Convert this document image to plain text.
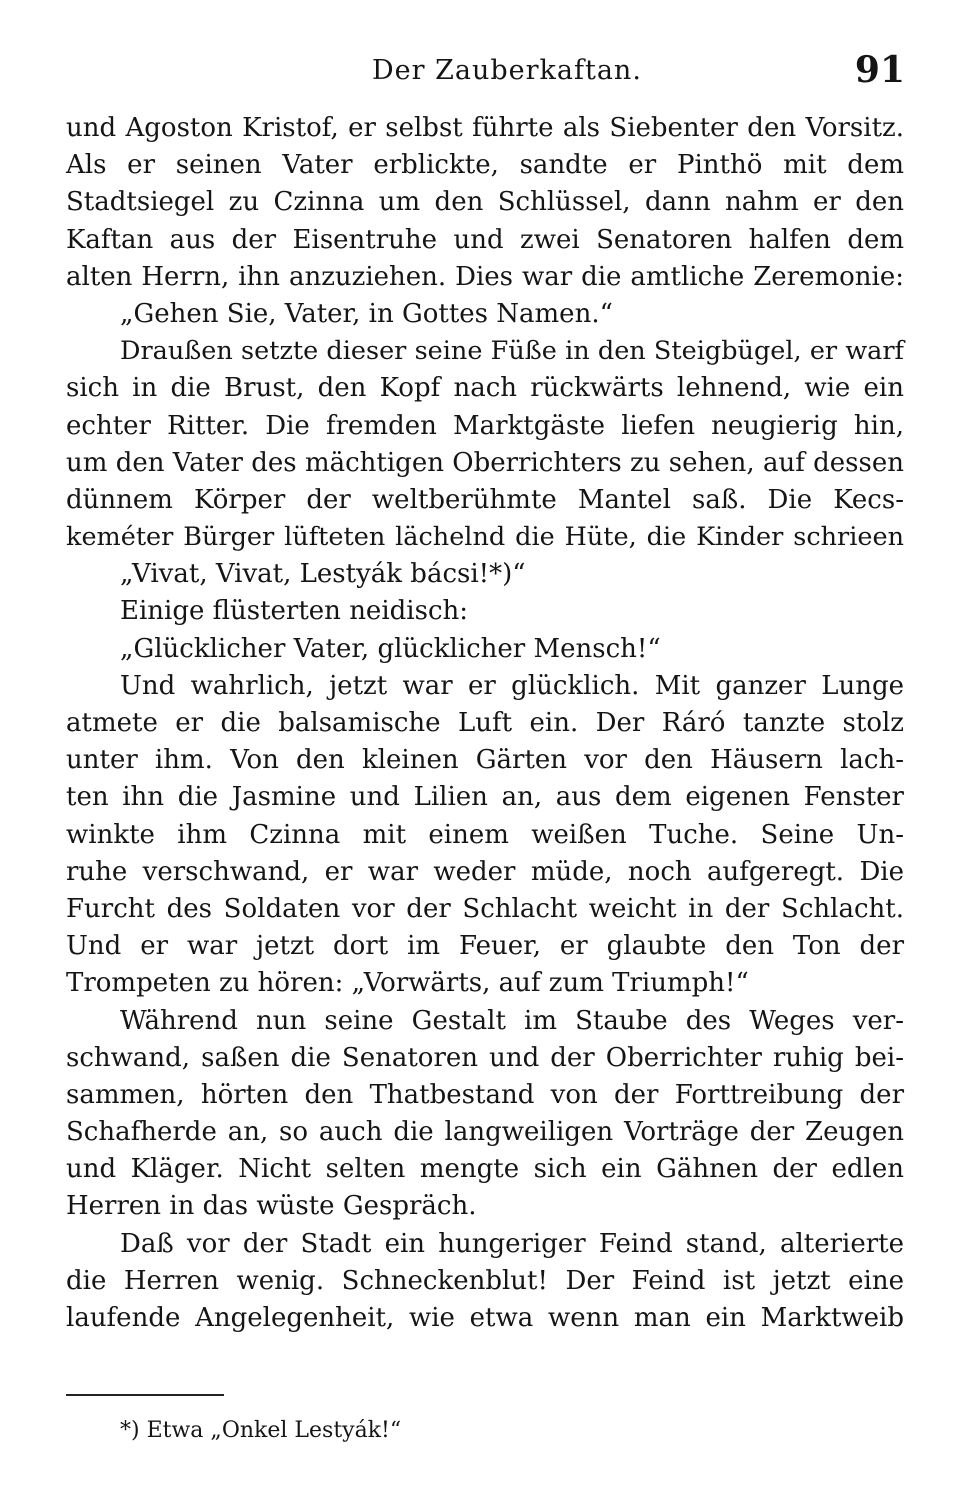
Der Zauberkaftan.	91
und Agoston Kristof, er selbst führte als Siebenter den Vorsitz.
Als er seinen Vater erblickte, sandte er Pinthö mit dem
Stadtsiegel zu Czinna um den Schlüssel, dann nahm er den
Kaftan aus der Eisentruhe und zwei Senatoren halfen dem
alten Herrn, ihn anzuziehen. Dies war die amtliche Zeremonie:
„Gehen Sie, Vater, in Gottes Namen.“
Draußen setzte dieser seine Füße in den Steigbügel, er warf
sich in die Brust, den Kopf nach rückwärts lehnend, wie ein
echter Ritter. Die fremden Marktgäste liefen neugierig hin,
um den Vater des mächtigen Oberrichters zu sehen, auf dessen
dünnem Körper der weltberühmte Mantel saß. Die Kecs-
keméter Bürger lüfteten lächelnd die Hüte, die Kinder schrieen
„Vivat, Vivat, Lestyák bácsi!*)“
Einige flüsterten neidisch:
„Glücklicher Vater, glücklicher Mensch!“
Und wahrlich, jetzt war er glücklich. Mit ganzer Lunge
atmete er die balsamische Luft ein. Der Ráró tanzte stolz
unter ihm. Von den kleinen Gärten vor den Häusern lach-
ten ihn die Jasmine und Lilien an, aus dem eigenen Fenster
winkte ihm Czinna mit einem weißen Tuche. Seine Un-
ruhe verschwand, er war weder müde, noch aufgeregt. Die
Furcht des Soldaten vor der Schlacht weicht in der Schlacht.
Und er war jetzt dort im Feuer, er glaubte den Ton der
Trompeten zu hören: „Vorwärts, auf zum Triumph!“
Während nun seine Gestalt im Staube des Weges ver-
schwand, saßen die Senatoren und der Oberrichter ruhig bei-
sammen, hörten den Thatbestand von der Forttreibung der
Schafherde an, so auch die langweiligen Vorträge der Zeugen
und Kläger. Nicht selten mengte sich ein Gähnen der edlen
Herren in das wüste Gespräch.
Daß vor der Stadt ein hungeriger Feind stand, alterierte
die Herren wenig. Schneckenblut! Der Feind ist jetzt eine
laufende Angelegenheit, wie etwa wenn man ein Marktweib
*) Etwa „Onkel Lestyák!“
